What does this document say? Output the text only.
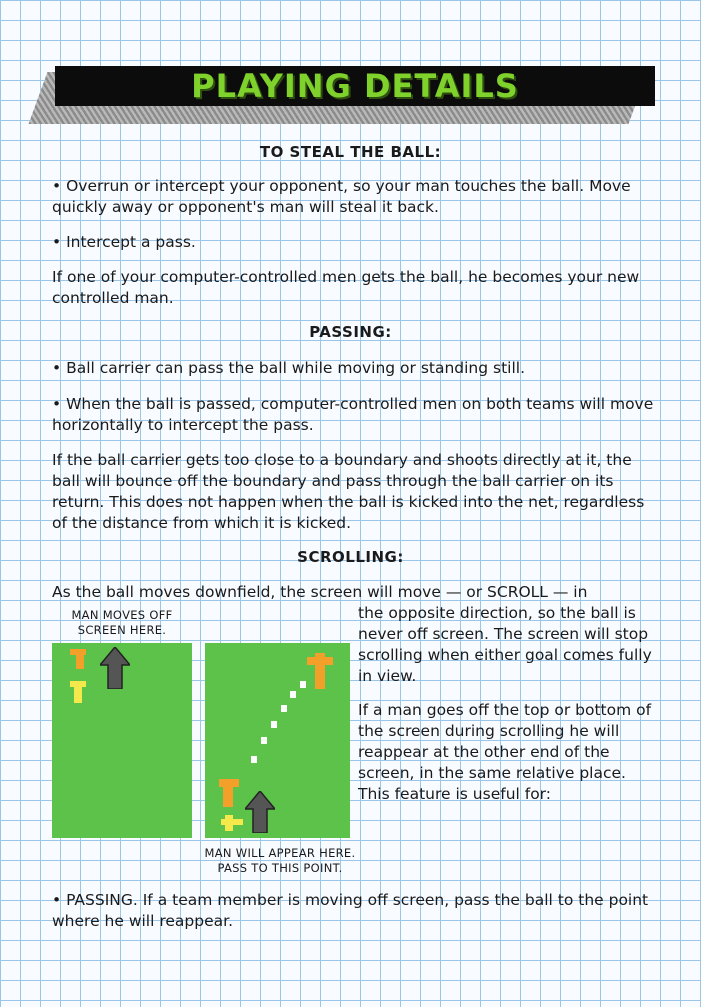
PLAYING DETAILS
TO STEAL THE BALL:
• Overrun or intercept your opponent, so your man touches the ball. Move quickly away or opponent's man will steal it back.
• Intercept a pass.
If one of your computer-controlled men gets the ball, he becomes your new controlled man.
PASSING:
• Ball carrier can pass the ball while moving or standing still.
• When the ball is passed, computer-controlled men on both teams will move horizontally to intercept the pass.
If the ball carrier gets too close to a boundary and shoots directly at it, the ball will bounce off the boundary and pass through the ball carrier on its return. This does not happen when the ball is kicked into the net, regardless of the distance from which it is kicked.
SCROLLING:
As the ball moves downfield, the screen will move — or SCROLL — in
MAN MOVES OFF
SCREEN HERE.
MAN WILL APPEAR HERE.
PASS TO THIS POINT.
the opposite direction, so the ball is never off screen. The screen will stop scrolling when either goal comes fully in view.
If a man goes off the top or bottom of the screen during scrolling he will reappear at the other end of the screen, in the same relative place. This feature is useful for:
• PASSING. If a team member is moving off screen, pass the ball to the point where he will reappear.
